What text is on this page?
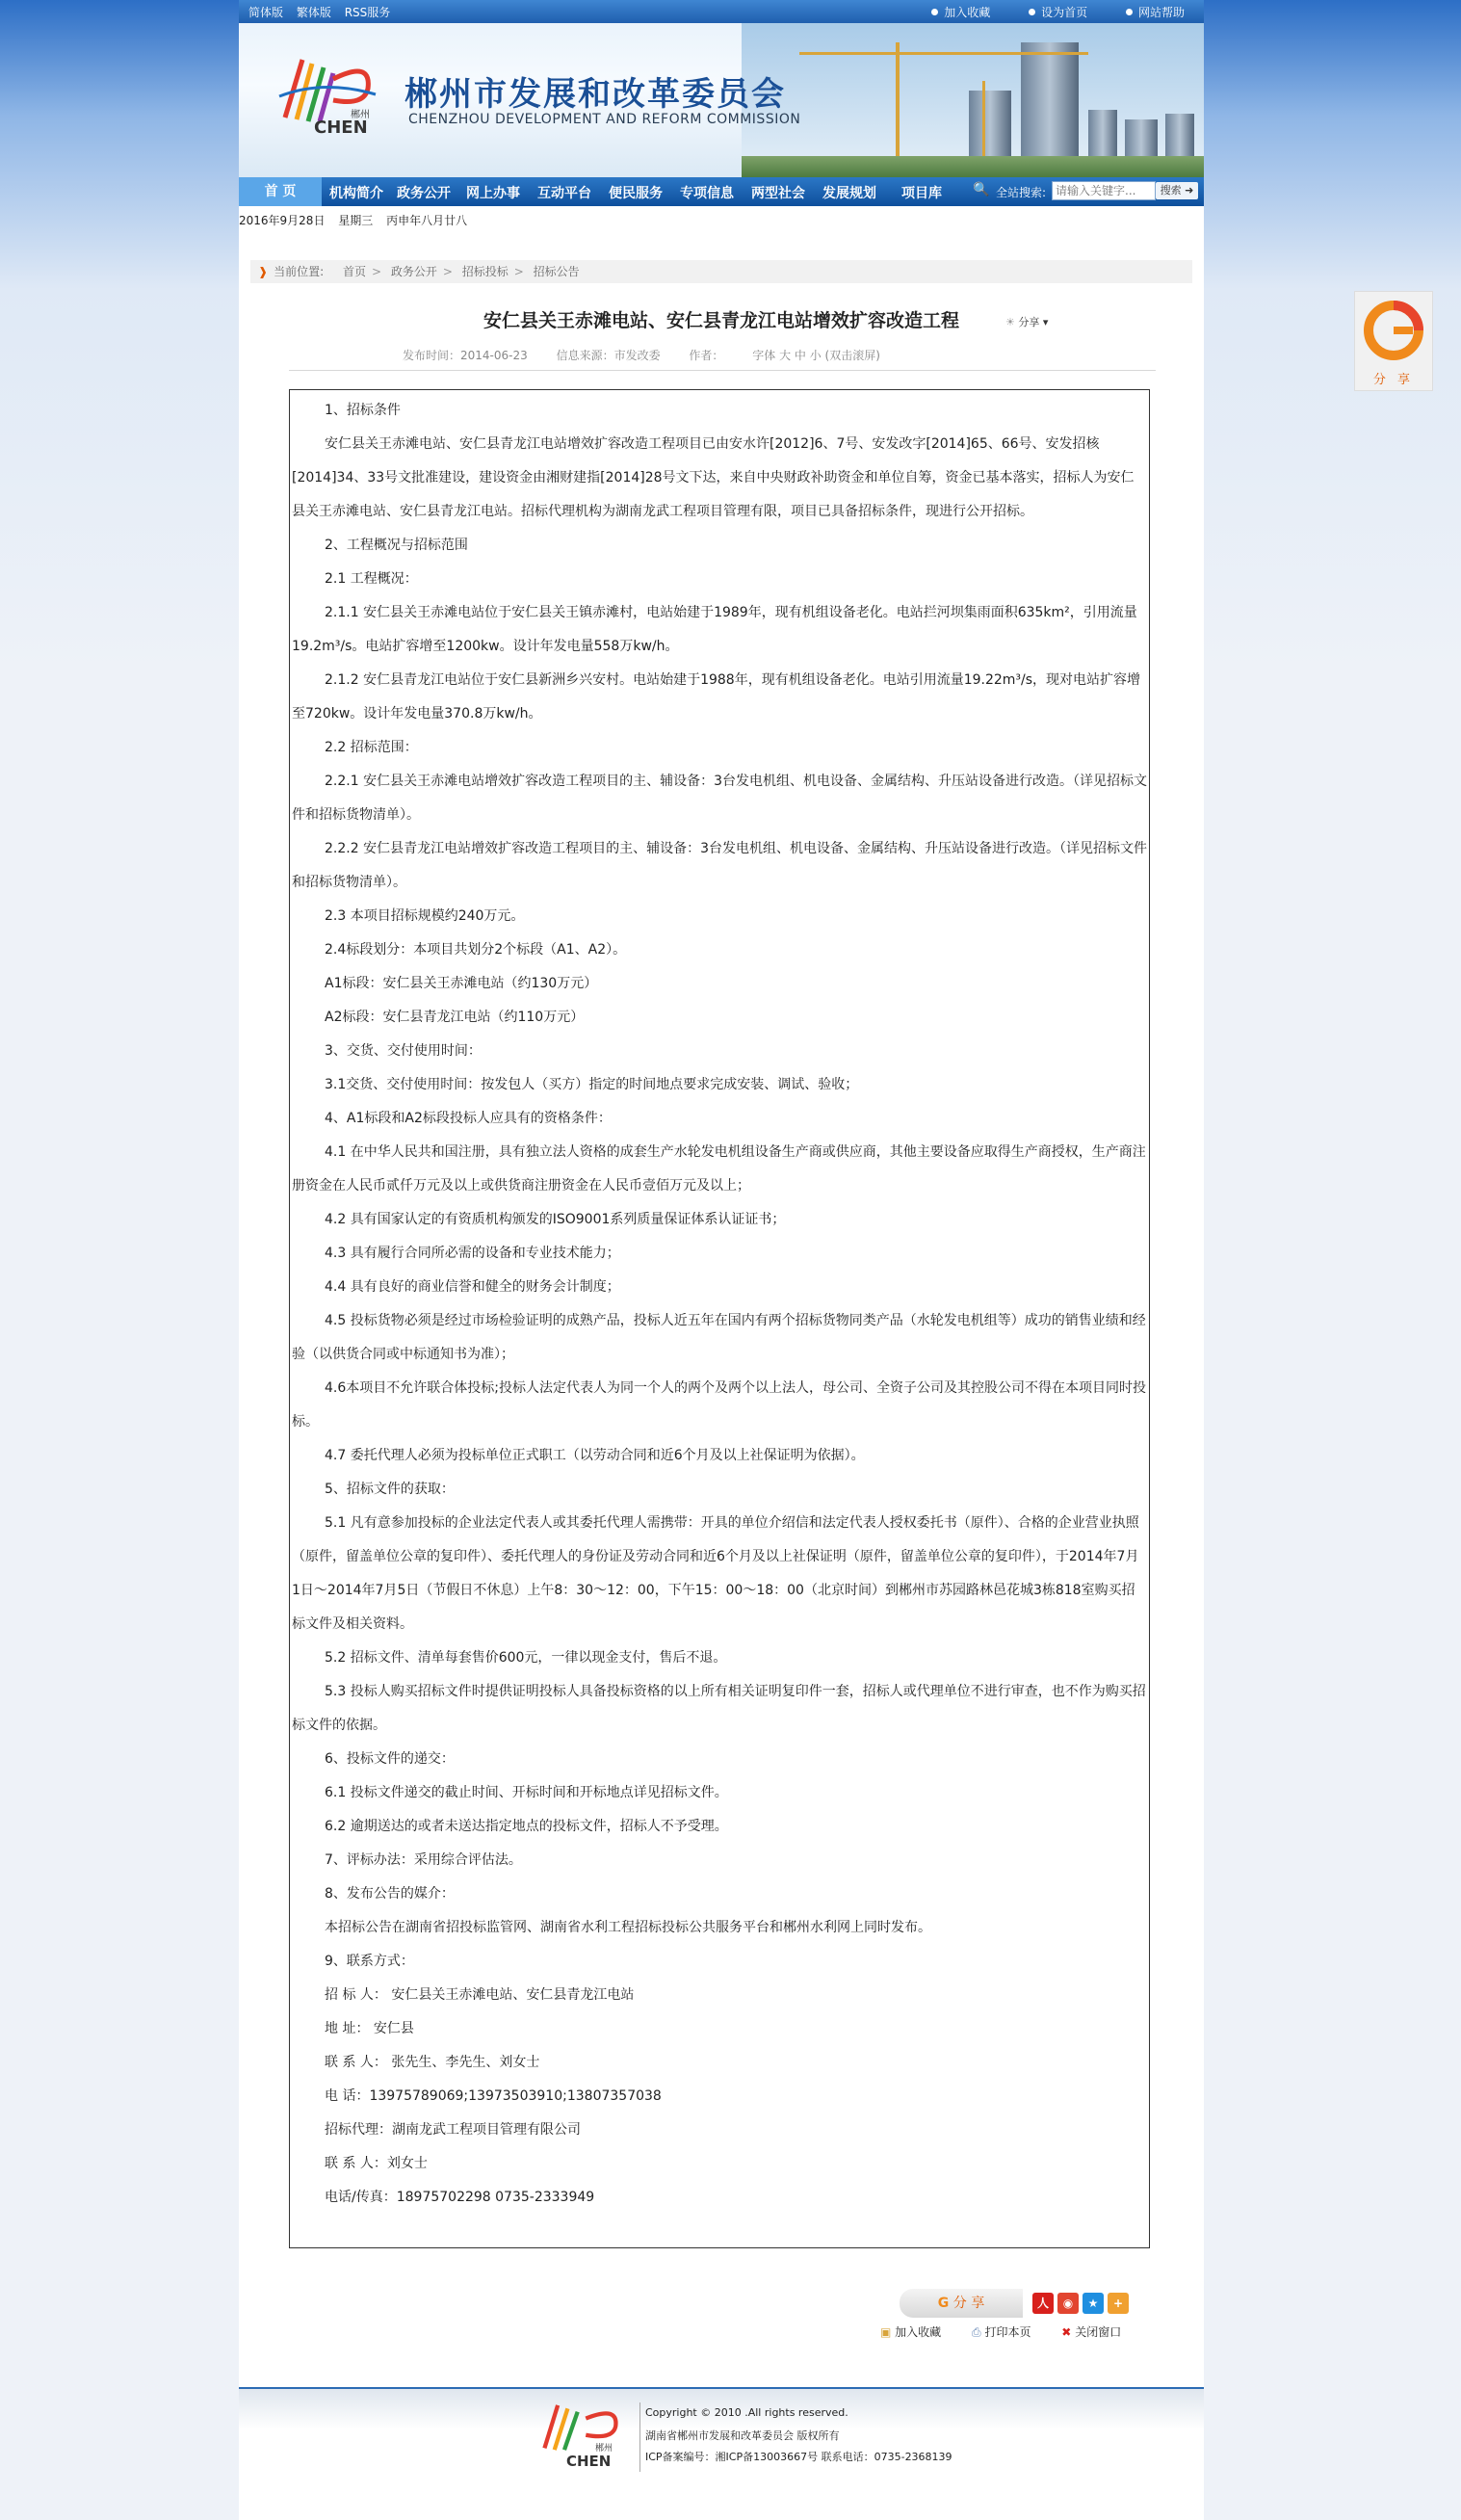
分 享
简体版 繁体版 RSS服务	加入收藏	设为首页	网站帮助
CHEN
郴州
郴州市发展和改革委员会
CHENZHOU DEVELOPMENT AND REFORM COMMISSION
首 页	机构简介 政务公开 网上办事 互动平台 便民服务 专项信息 两型社会 发展规划 项目库 🔍 全站搜索:
请输入关键字...	搜索 ➜
2016年9月28日 星期三 丙申年八月廿八
❱ 当前位置: 首页 > 政务公开 > 招标投标 > 招标公告
安仁县关王赤滩电站、安仁县青龙江电站增效扩容改造工程	☀ 分享 ▾
发布时间：2014-06-23 信息来源：市发改委 作者： 字体 大 中 小 (双击滚屏)

1、招标条件

安仁县关王赤滩电站、安仁县青龙江电站增效扩容改造工程项目已由安水许[2012]6、7号、安发改字[2014]65、66号、安发招核[2014]34、33号文批准建设，建设资金由湘财建指[2014]28号文下达，来自中央财政补助资金和单位自筹，资金已基本落实，招标人为安仁县关王赤滩电站、安仁县青龙江电站。招标代理机构为湖南龙武工程项目管理有限，项目已具备招标条件，现进行公开招标。

2、工程概况与招标范围

2.1 工程概况：

2.1.1 安仁县关王赤滩电站位于安仁县关王镇赤滩村，电站始建于1989年，现有机组设备老化。电站拦河坝集雨面积635km²，引用流量19.2m³/s。电站扩容增至1200kw。设计年发电量558万kw/h。

2.1.2 安仁县青龙江电站位于安仁县新洲乡兴安村。电站始建于1988年，现有机组设备老化。电站引用流量19.22m³/s，现对电站扩容增至720kw。设计年发电量370.8万kw/h。

2.2 招标范围：

2.2.1 安仁县关王赤滩电站增效扩容改造工程项目的主、辅设备：3台发电机组、机电设备、金属结构、升压站设备进行改造。（详见招标文件和招标货物清单）。

2.2.2 安仁县青龙江电站增效扩容改造工程项目的主、辅设备：3台发电机组、机电设备、金属结构、升压站设备进行改造。（详见招标文件和招标货物清单）。

2.3 本项目招标规模约240万元。

2.4标段划分：本项目共划分2个标段（A1、A2）。

A1标段：安仁县关王赤滩电站（约130万元）

A2标段：安仁县青龙江电站（约110万元）

3、交货、交付使用时间：

3.1交货、交付使用时间：按发包人（买方）指定的时间地点要求完成安装、调试、验收；

4、A1标段和A2标段投标人应具有的资格条件：

4.1 在中华人民共和国注册，具有独立法人资格的成套生产水轮发电机组设备生产商或供应商，其他主要设备应取得生产商授权，生产商注册资金在人民币贰仟万元及以上或供货商注册资金在人民币壹佰万元及以上；

4.2 具有国家认定的有资质机构颁发的ISO9001系列质量保证体系认证证书；

4.3 具有履行合同所必需的设备和专业技术能力；

4.4 具有良好的商业信誉和健全的财务会计制度；

4.5 投标货物必须是经过市场检验证明的成熟产品，投标人近五年在国内有两个招标货物同类产品（水轮发电机组等）成功的销售业绩和经验（以供货合同或中标通知书为准）；

4.6本项目不允许联合体投标;投标人法定代表人为同一个人的两个及两个以上法人，母公司、全资子公司及其控股公司不得在本项目同时投标。

4.7 委托代理人必须为投标单位正式职工（以劳动合同和近6个月及以上社保证明为依据）。

5、招标文件的获取：

5.1 凡有意参加投标的企业法定代表人或其委托代理人需携带：开具的单位介绍信和法定代表人授权委托书（原件）、合格的企业营业执照（原件，留盖单位公章的复印件）、委托代理人的身份证及劳动合同和近6个月及以上社保证明（原件，留盖单位公章的复印件），于2014年7月1日～2014年7月5日（节假日不休息）上午8：30～12：00，下午15：00～18：00（北京时间）到郴州市苏园路林邑花城3栋818室购买招标文件及相关资料。

5.2 招标文件、清单每套售价600元，一律以现金支付，售后不退。

5.3 投标人购买招标文件时提供证明投标人具备投标资格的以上所有相关证明复印件一套，招标人或代理单位不进行审查，也不作为购买招标文件的依据。

6、投标文件的递交：

6.1 投标文件递交的截止时间、开标时间和开标地点详见招标文件。

6.2 逾期送达的或者未送达指定地点的投标文件，招标人不予受理。

7、评标办法：采用综合评估法。

8、发布公告的媒介：

本招标公告在湖南省招投标监管网、湖南省水利工程招标投标公共服务平台和郴州水利网上同时发布。

9、联系方式：

招 标 人： 安仁县关王赤滩电站、安仁县青龙江电站

地 址： 安仁县

联 系 人： 张先生、李先生、刘女士

电 话：13975789069;13973503910;13807357038

招标代理：湖南龙武工程项目管理有限公司

联 系 人：刘女士

电话/传真：18975702298 0735-2333949

G 分 享	人	◉	★	+
▣ 加入收藏	⎙ 打印本页	✖ 关闭窗口
CHEN
郴州
Copyright © 2010 .All rights reserved.
湖南省郴州市发展和改革委员会 版权所有
ICP备案编号：湘ICP备13003667号 联系电话：0735-2368139
